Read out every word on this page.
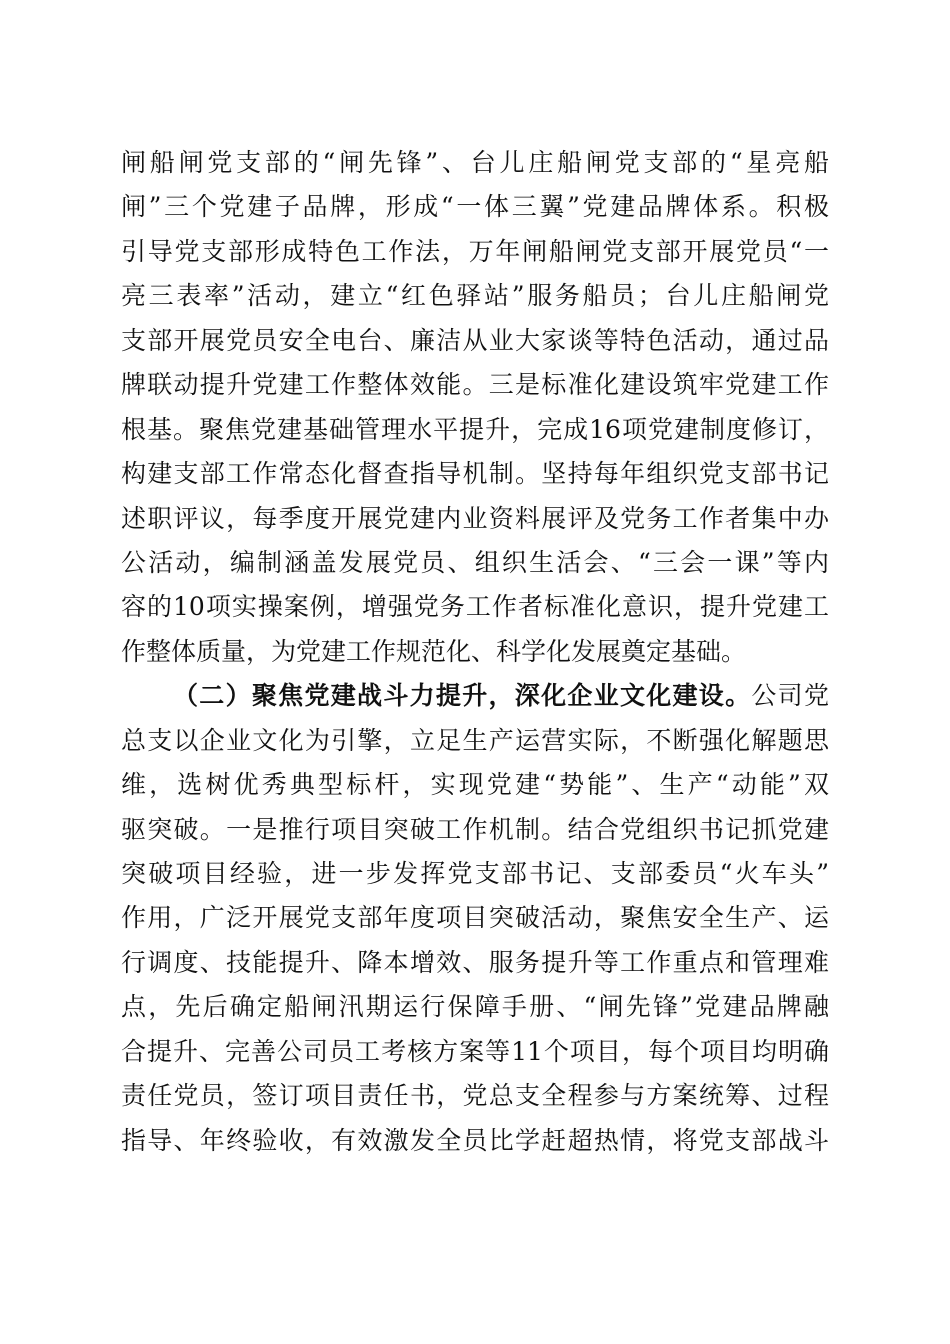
闸船闸党支部的“闸先锋”、台儿庄船闸党支部的“星亮船
闸”三个党建子品牌，形成“一体三翼”党建品牌体系。积极
引导党支部形成特色工作法，万年闸船闸党支部开展党员“一
亮三表率”活动，建立“红色驿站”服务船员；台儿庄船闸党
支部开展党员安全电台、廉洁从业大家谈等特色活动，通过品
牌联动提升党建工作整体效能。三是标准化建设筑牢党建工作
根基。聚焦党建基础管理水平提升，完成16项党建制度修订，
构建支部工作常态化督查指导机制。坚持每年组织党支部书记
述职评议，每季度开展党建内业资料展评及党务工作者集中办
公活动，编制涵盖发展党员、组织生活会、“三会一课”等内
容的10项实操案例，增强党务工作者标准化意识，提升党建工
作整体质量，为党建工作规范化、科学化发展奠定基础。
（二）聚焦党建战斗力提升，深化企业文化建设。公司党
总支以企业文化为引擎，立足生产运营实际，不断强化解题思
维，选树优秀典型标杆，实现党建“势能”、生产“动能”双
驱突破。一是推行项目突破工作机制。结合党组织书记抓党建
突破项目经验，进一步发挥党支部书记、支部委员“火车头”
作用，广泛开展党支部年度项目突破活动，聚焦安全生产、运
行调度、技能提升、降本增效、服务提升等工作重点和管理难
点，先后确定船闸汛期运行保障手册、“闸先锋”党建品牌融
合提升、完善公司员工考核方案等11个项目，每个项目均明确
责任党员，签订项目责任书，党总支全程参与方案统筹、过程
指导、年终验收，有效激发全员比学赶超热情，将党支部战斗
